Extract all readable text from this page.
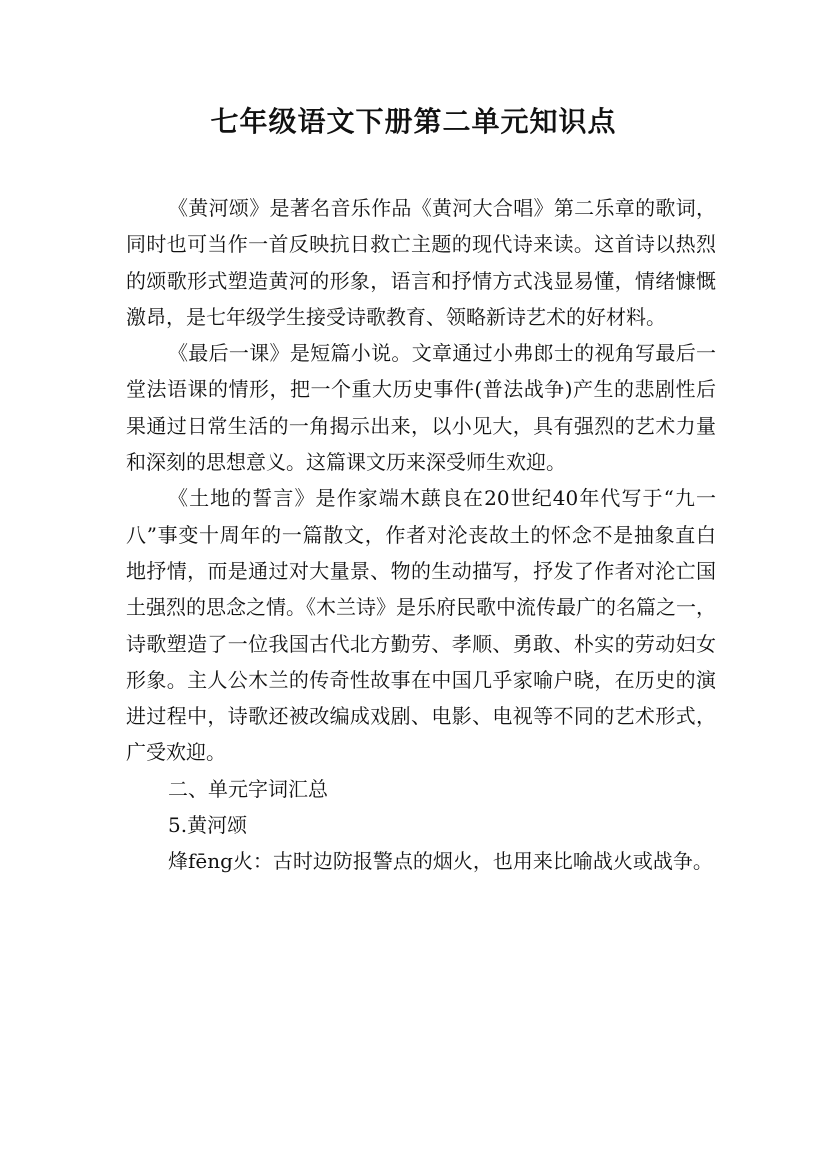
七年级语文下册第二单元知识点

《黄河颂》是著名音乐作品《黄河大合唱》第二乐章的歌词，同时也可当作一首反映抗日救亡主题的现代诗来读。这首诗以热烈的颂歌形式塑造黄河的形象，语言和抒情方式浅显易懂，情绪慷慨激昂，是七年级学生接受诗歌教育、领略新诗艺术的好材料。

《最后一课》是短篇小说。文章通过小弗郎士的视角写最后一堂法语课的情形，把一个重大历史事件(普法战争)产生的悲剧性后果通过日常生活的一角揭示出来，以小见大，具有强烈的艺术力量和深刻的思想意义。这篇课文历来深受师生欢迎。

《土地的誓言》是作家端木蕻良在20世纪40年代写于“九一八”事变十周年的一篇散文，作者对沦丧故土的怀念不是抽象直白地抒情，而是通过对大量景、物的生动描写，抒发了作者对沦亡国土强烈的思念之情。《木兰诗》是乐府民歌中流传最广的名篇之一，诗歌塑造了一位我国古代北方勤劳、孝顺、勇敢、朴实的劳动妇女形象。主人公木兰的传奇性故事在中国几乎家喻户晓，在历史的演进过程中，诗歌还被改编成戏剧、电影、电视等不同的艺术形式，广受欢迎。

二、单元字词汇总

5.黄河颂

烽fēng火：古时边防报警点的烟火，也用来比喻战火或战争。
